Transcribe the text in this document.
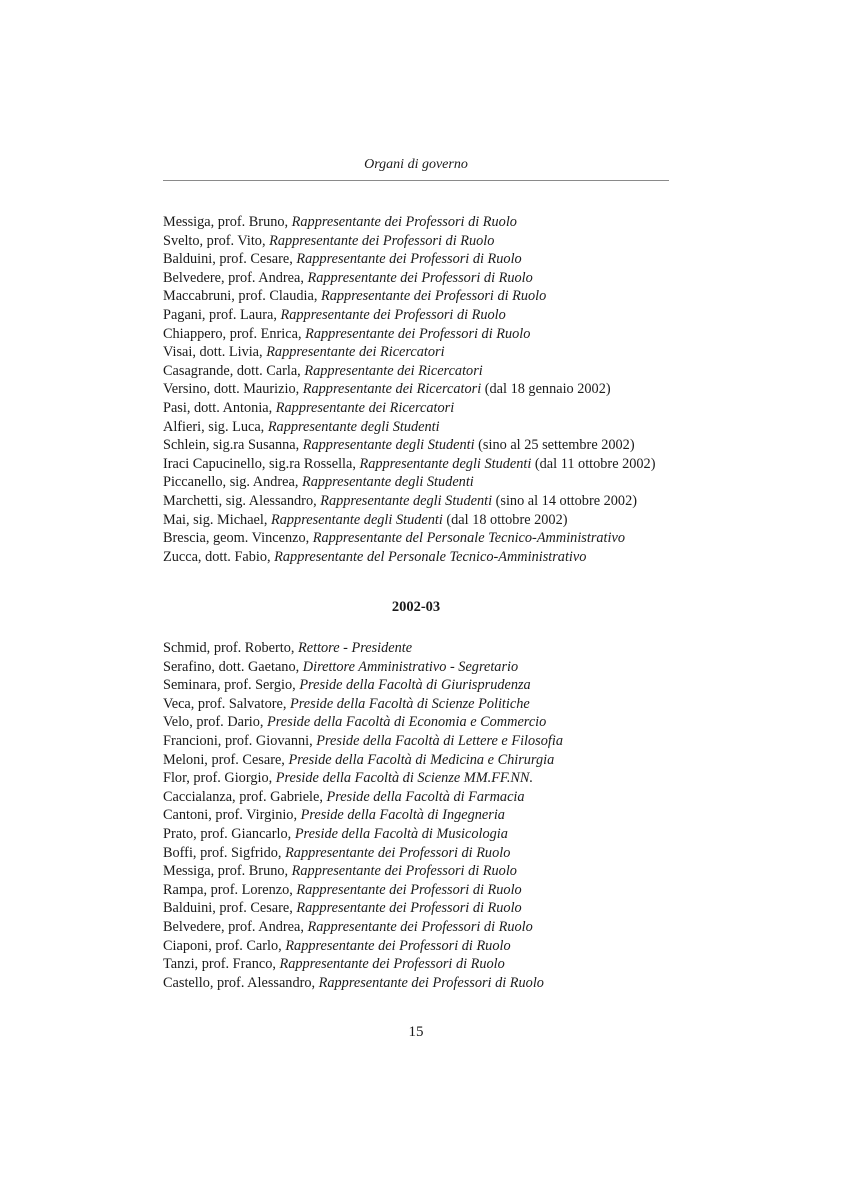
Organi di governo
Messiga, prof. Bruno, Rappresentante dei Professori di Ruolo
Svelto, prof. Vito, Rappresentante dei Professori di Ruolo
Balduini, prof. Cesare, Rappresentante dei Professori di Ruolo
Belvedere, prof. Andrea, Rappresentante dei Professori di Ruolo
Maccabruni, prof. Claudia, Rappresentante dei Professori di Ruolo
Pagani, prof. Laura, Rappresentante dei Professori di Ruolo
Chiappero, prof. Enrica, Rappresentante dei Professori di Ruolo
Visai, dott. Livia, Rappresentante dei Ricercatori
Casagrande, dott. Carla, Rappresentante dei Ricercatori
Versino, dott. Maurizio, Rappresentante dei Ricercatori (dal 18 gennaio 2002)
Pasi, dott. Antonia, Rappresentante dei Ricercatori
Alfieri, sig. Luca, Rappresentante degli Studenti
Schlein, sig.ra Susanna, Rappresentante degli Studenti (sino al 25 settembre 2002)
Iraci Capucinello, sig.ra Rossella, Rappresentante degli Studenti (dal 11 ottobre 2002)
Piccanello, sig. Andrea, Rappresentante degli Studenti
Marchetti, sig. Alessandro, Rappresentante degli Studenti (sino al 14 ottobre 2002)
Mai, sig. Michael, Rappresentante degli Studenti (dal 18 ottobre 2002)
Brescia, geom. Vincenzo, Rappresentante del Personale Tecnico-Amministrativo
Zucca, dott. Fabio, Rappresentante del Personale Tecnico-Amministrativo
2002-03
Schmid, prof. Roberto, Rettore - Presidente
Serafino, dott. Gaetano, Direttore Amministrativo - Segretario
Seminara, prof. Sergio, Preside della Facoltà di Giurisprudenza
Veca, prof. Salvatore, Preside della Facoltà di Scienze Politiche
Velo, prof. Dario, Preside della Facoltà di Economia e Commercio
Francioni, prof. Giovanni, Preside della Facoltà di Lettere e Filosofia
Meloni, prof. Cesare, Preside della Facoltà di Medicina e Chirurgia
Flor, prof. Giorgio, Preside della Facoltà di Scienze MM.FF.NN.
Caccialanza, prof. Gabriele, Preside della Facoltà di Farmacia
Cantoni, prof. Virginio, Preside della Facoltà di Ingegneria
Prato, prof. Giancarlo, Preside della Facoltà di Musicologia
Boffi, prof. Sigfrido, Rappresentante dei Professori di Ruolo
Messiga, prof. Bruno, Rappresentante dei Professori di Ruolo
Rampa, prof. Lorenzo, Rappresentante dei Professori di Ruolo
Balduini, prof. Cesare, Rappresentante dei Professori di Ruolo
Belvedere, prof. Andrea, Rappresentante dei Professori di Ruolo
Ciaponi, prof. Carlo, Rappresentante dei Professori di Ruolo
Tanzi, prof. Franco, Rappresentante dei Professori di Ruolo
Castello, prof. Alessandro, Rappresentante dei Professori di Ruolo
15
